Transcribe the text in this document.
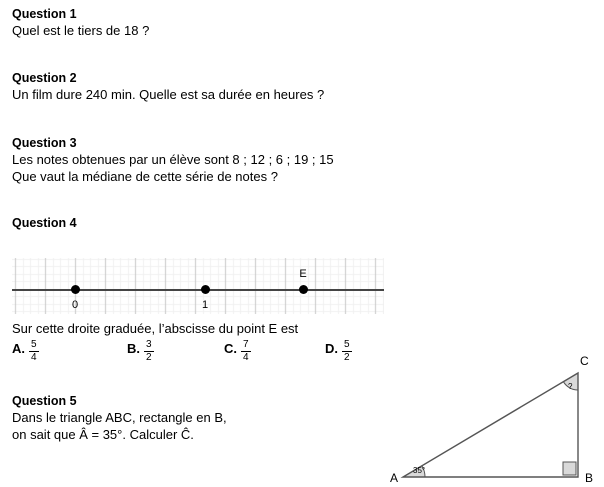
Question 1
Quel est le tiers de 18 ?
Question 2
Un film dure 240 min. Quelle est sa durée en heures ?
Question 3
Les notes obtenues par un élève sont 8 ; 12 ; 6 ; 19 ; 15
Que vaut la médiane de cette série de notes ?
Question 4
0	1
E
Sur cette droite graduée, l’abscisse du point E est
A. $\frac{5}{4}$	B. $\frac{3}{2}$	C. $\frac{7}{4}$	D. $\frac{5}{2}$
Question 5
Dans le triangle ABC, rectangle en B,
on sait que Â = 35°. Calculer Ĉ.
A	B
C
35°
?
